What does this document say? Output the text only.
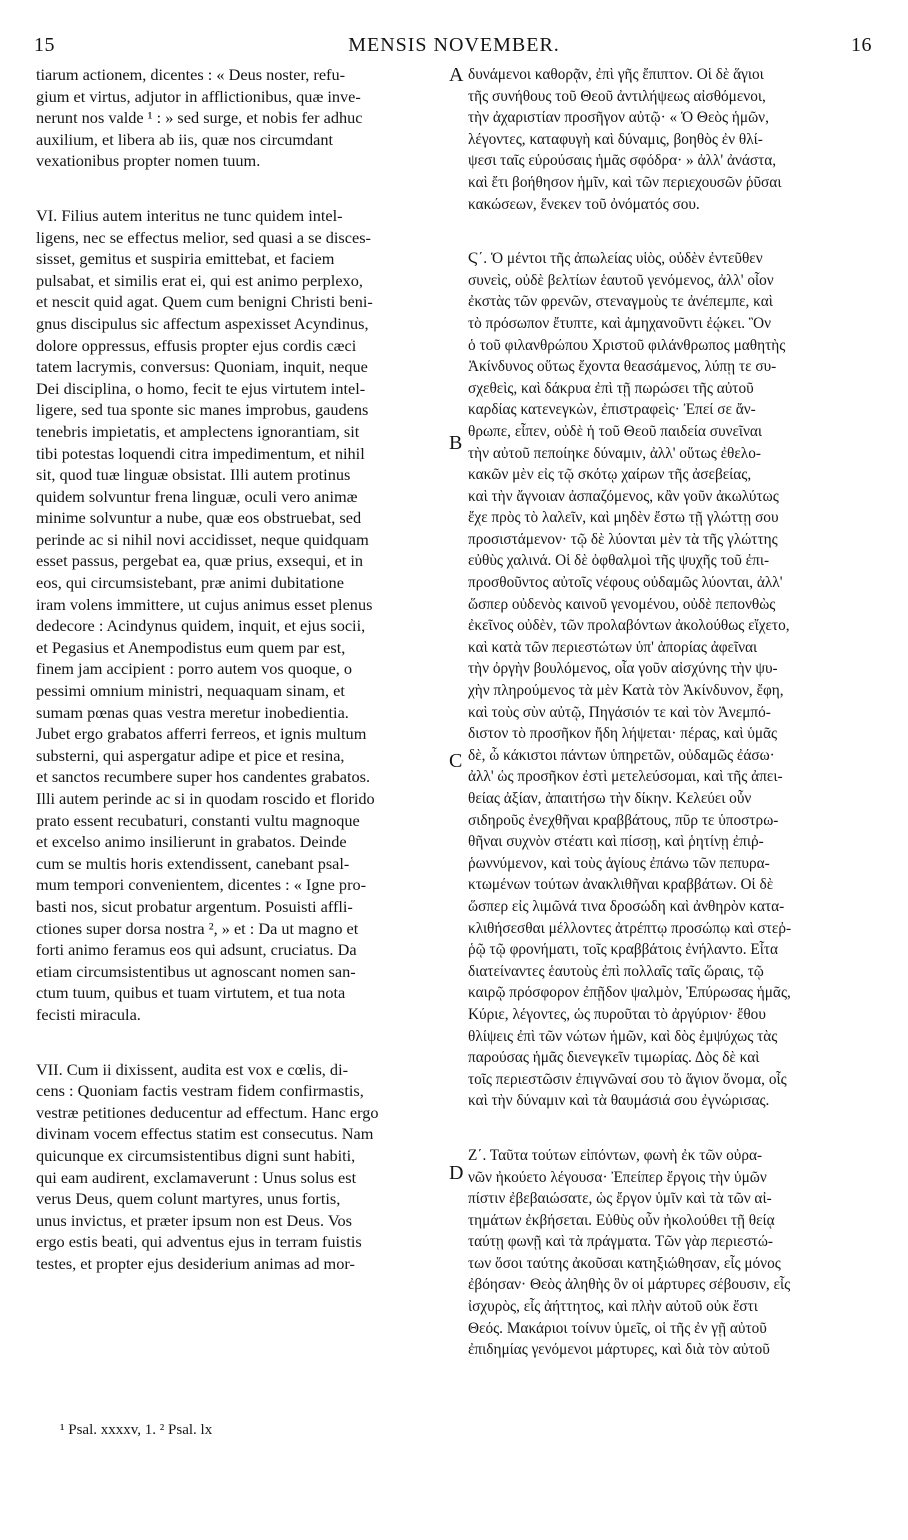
15	MENSIS NOVEMBER.	16
tiarum actionem, dicentes : « Deus noster, refu-
gium et virtus, adjutor in afflictionibus, quæ inve-
nerunt nos valde ¹ : » sed surge, et nobis fer adhuc
auxilium, et libera ab iis, quæ nos circumdant
vexationibus propter nomen tuum.
VI. Filius autem interitus ne tunc quidem intel-
ligens, nec se effectus melior, sed quasi a se disces-
sisset, gemitus et suspiria emittebat, et faciem
pulsabat, et similis erat ei, qui est animo perplexo,
et nescit quid agat. Quem cum benigni Christi beni-
gnus discipulus sic affectum aspexisset Acyndinus,
dolore oppressus, effusis propter ejus cordis cæci
tatem lacrymis, conversus: Quoniam, inquit, neque
Dei disciplina, o homo, fecit te ejus virtutem intel-
ligere, sed tua sponte sic manes improbus, gaudens
tenebris impietatis, et amplectens ignorantiam, sit
tibi potestas loquendi citra impedimentum, et nihil
sit, quod tuæ linguæ obsistat. Illi autem protinus
quidem solvuntur frena linguæ, oculi vero animæ
minime solvuntur a nube, quæ eos obstruebat, sed
perinde ac si nihil novi accidisset, neque quidquam
esset passus, pergebat ea, quæ prius, exsequi, et in
eos, qui circumsistebant, præ animi dubitatione
iram volens immittere, ut cujus animus esset plenus
dedecore : Acindynus quidem, inquit, et ejus socii,
et Pegasius et Anempodistus eum quem par est,
finem jam accipient : porro autem vos quoque, o
pessimi omnium ministri, nequaquam sinam, et
sumam pœnas quas vestra meretur inobedientia.
Jubet ergo grabatos afferri ferreos, et ignis multum
substerni, qui aspergatur adipe et pice et resina,
et sanctos recumbere super hos candentes grabatos.
Illi autem perinde ac si in quodam roscido et florido
prato essent recubaturi, constanti vultu magnoque
et excelso animo insilierunt in grabatos. Deinde
cum se multis horis extendissent, canebant psal-
mum tempori convenientem, dicentes : « Igne pro-
basti nos, sicut probatur argentum. Posuisti affli-
ctiones super dorsa nostra ², » et : Da ut magno et
forti animo feramus eos qui adsunt, cruciatus. Da
etiam circumsistentibus ut agnoscant nomen san-
ctum tuum, quibus et tuam virtutem, et tua nota
fecisti miracula.
VII. Cum ii dixissent, audita est vox e cœlis, di-
cens : Quoniam factis vestram fidem confirmastis,
vestræ petitiones deducentur ad effectum. Hanc ergo
divinam vocem effectus statim est consecutus. Nam
quicunque ex circumsistentibus digni sunt habiti,
qui eam audirent, exclamaverunt : Unus solus est
verus Deus, quem colunt martyres, unus fortis,
unus invictus, et præter ipsum non est Deus. Vos
ergo estis beati, qui adventus ejus in terram fuistis
testes, et propter ejus desiderium animas ad mor-
δυνάμενοι καθορᾷν, ἐπὶ γῆς ἔπιπτον. Οἱ δὲ ἅγιοι
τῆς συνήθους τοῦ Θεοῦ ἀντιλήψεως αἰσθόμενοι,
τὴν ἀχαριστίαν προσῆγον αὐτῷ· « Ὁ Θεὸς ἡμῶν,
λέγοντες, καταφυγὴ καὶ δύναμις, βοηθὸς ἐν θλί-
ψεσι ταῖς εὑρούσαις ἡμᾶς σφόδρα· » ἀλλ' ἀνάστα,
καὶ ἔτι βοήθησον ἡμῖν, καὶ τῶν περιεχουσῶν ῥῦσαι
κακώσεων, ἕνεκεν τοῦ ὀνόματός σου.
Ϛ΄. Ὁ μέντοι τῆς ἀπωλείας υἱὸς, οὐδὲν ἐντεῦθεν
συνεὶς, οὐδὲ βελτίων ἑαυτοῦ γενόμενος, ἀλλ' οἷον
ἐκστὰς τῶν φρενῶν, στεναγμοὺς τε ἀνέπεμπε, καὶ
τὸ πρόσωπον ἔτυπτε, καὶ ἀμηχανοῦντι ἐῴκει. Ὃν
ὁ τοῦ φιλανθρώπου Χριστοῦ φιλάνθρωπος μαθητὴς
Ἀκίνδυνος οὕτως ἔχοντα θεασάμενος, λύπῃ τε συ-
σχεθεὶς, καὶ δάκρυα ἐπὶ τῇ πωρώσει τῆς αὐτοῦ
καρδίας κατενεγκὼν, ἐπιστραφεὶς· Ἐπεί σε ἄν-
θρωπε, εἶπεν, οὐδὲ ἡ τοῦ Θεοῦ παιδεία συνεῖναι
τὴν αὐτοῦ πεποίηκε δύναμιν, ἀλλ' οὕτως ἐθελο-
κακῶν μὲν εἰς τῷ σκότῳ χαίρων τῆς ἀσεβείας,
καὶ τὴν ἄγνοιαν ἀσπαζόμενος, κἂν γοῦν ἀκωλύτως
ἔχε πρὸς τὸ λαλεῖν, καὶ μηδὲν ἔστω τῇ γλώττῃ σου
προσιστάμενον· τῷ δὲ λύονται μὲν τὰ τῆς γλώττης
εὐθὺς χαλινά. Οἱ δὲ ὀφθαλμοὶ τῆς ψυχῆς τοῦ ἐπι-
προσθοῦντος αὐτοῖς νέφους οὐδαμῶς λύονται, ἀλλ'
ὥσπερ οὐδενὸς καινοῦ γενομένου, οὐδὲ πεπονθὼς
ἐκεῖνος οὐδὲν, τῶν προλαβόντων ἀκολούθως εἴχετο,
καὶ κατὰ τῶν περιεστώτων ὑπ' ἀπορίας ἀφεῖναι
τὴν ὀργὴν βουλόμενος, οἷα γοῦν αἰσχύνης τὴν ψυ-
χὴν πληρούμενος τὰ μὲν Κατὰ τὸν Ἀκίνδυνον, ἔφη,
καὶ τοὺς σὺν αὐτῷ, Πηγάσιόν τε καὶ τὸν Ἀνεμπό-
διστον τὸ προσῆκον ἤδη λήψεται· πέρας, καὶ ὑμᾶς
δὲ, ὦ κάκιστοι πάντων ὑπηρετῶν, οὐδαμῶς ἐάσω·
ἀλλ' ὡς προσῆκον ἐστὶ μετελεύσομαι, καὶ τῆς ἀπει-
θείας ἀξίαν, ἀπαιτήσω τὴν δίκην. Κελεύει οὖν
σιδηροῦς ἐνεχθῆναι κραββάτους, πῦρ τε ὑποστρω-
θῆναι συχνὸν στέατι καὶ πίσσῃ, καὶ ῥητίνῃ ἐπιῤ-
ῥωννύμενον, καὶ τοὺς ἁγίους ἐπάνω τῶν πεπυρα-
κτωμένων τούτων ἀνακλιθῆναι κραββάτων. Οἱ δὲ
ὥσπερ εἰς λιμῶνά τινα δροσώδη καὶ ἀνθηρὸν κατα-
κλιθήσεσθαι μέλλοντες ἀτρέπτῳ προσώπῳ καὶ στεῤ-
ῥῷ τῷ φρονήματι, τοῖς κραββάτοις ἐνήλαντο. Εἶτα
διατείναντες ἑαυτοὺς ἐπὶ πολλαῖς ταῖς ὥραις, τῷ
καιρῷ πρόσφορον ἐπῇδον ψαλμὸν, Ἐπύρωσας ἡμᾶς,
Κύριε, λέγοντες, ὡς πυροῦται τὸ ἀργύριον· ἔθου
θλίψεις ἐπὶ τῶν νώτων ἡμῶν, καὶ δὸς ἐμψύχως τὰς
παρούσας ἡμᾶς διενεγκεῖν τιμωρίας. Δὸς δὲ καὶ
τοῖς περιεστῶσιν ἐπιγνῶναί σου τὸ ἅγιον ὄνομα, οἷς
καὶ τὴν δύναμιν καὶ τὰ θαυμάσιά σου ἐγνώρισας.
Ζ΄. Ταῦτα τούτων εἰπόντων, φωνὴ ἐκ τῶν οὐρα-
νῶν ἠκούετο λέγουσα· Ἐπείπερ ἔργοις τὴν ὑμῶν
πίστιν ἐβεβαιώσατε, ὡς ἔργον ὑμῖν καὶ τὰ τῶν αἰ-
τημάτων ἐκβήσεται. Εὐθὺς οὖν ἠκολούθει τῇ θείᾳ
ταύτῃ φωνῇ καὶ τὰ πράγματα. Τῶν γὰρ περιεστώ-
των ὅσοι ταύτης ἀκοῦσαι κατηξιώθησαν, εἷς μόνος
ἐβόησαν· Θεὸς ἀληθὴς ὃν οἱ μάρτυρες σέβουσιν, εἷς
ἰσχυρὸς, εἷς ἀήττητος, καὶ πλὴν αὐτοῦ οὐκ ἔστι
Θεός. Μακάριοι τοίνυν ὑμεῖς, οἱ τῆς ἐν γῇ αὐτοῦ
ἐπιδημίας γενόμενοι μάρτυρες, καὶ διὰ τὸν αὐτοῦ
A
B
C
D
¹ Psal. xxxxv, 1. ² Psal. lx
